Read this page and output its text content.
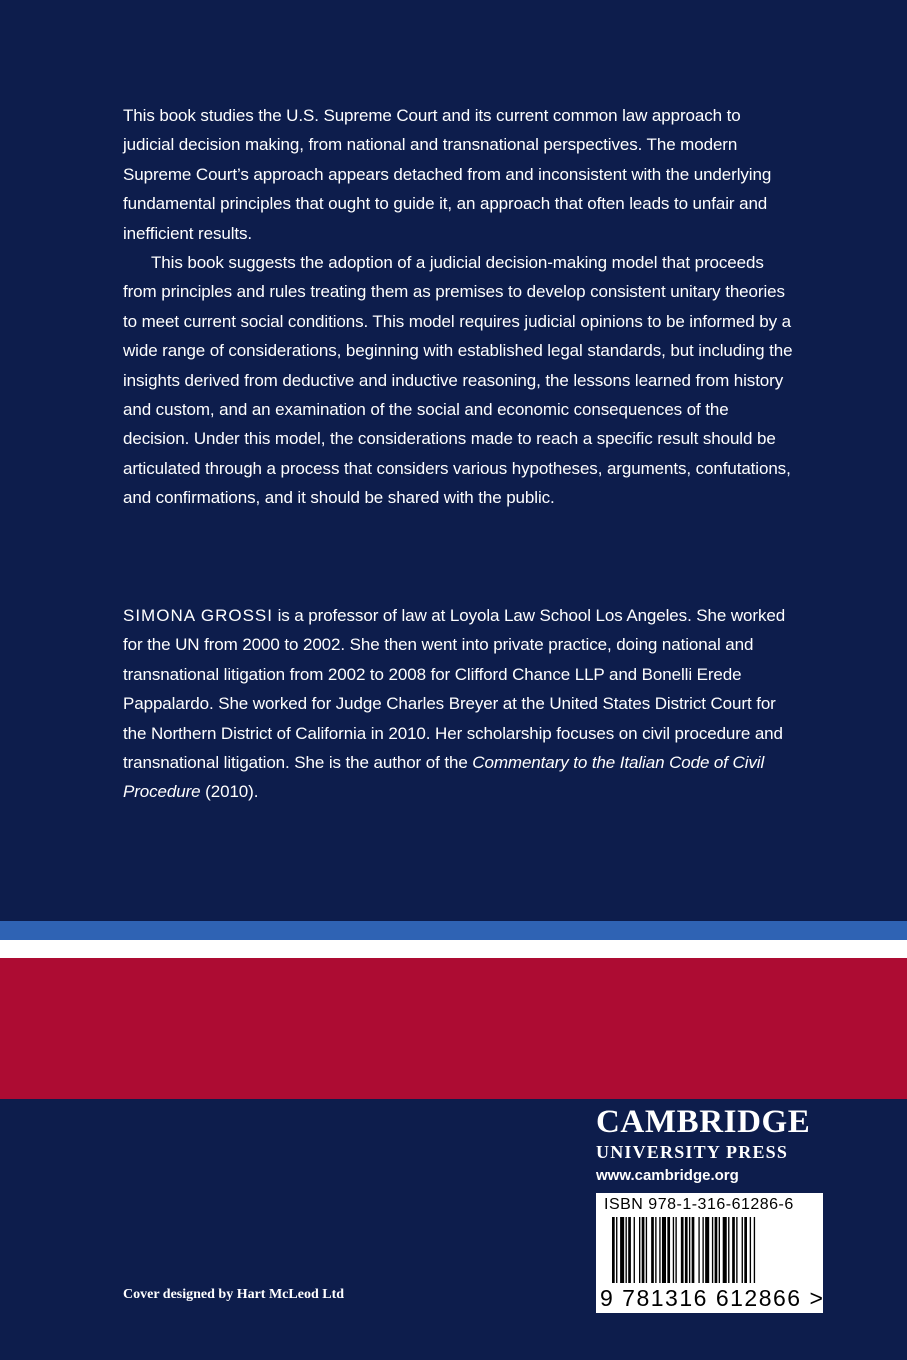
This book studies the U.S. Supreme Court and its current common law approach to judicial decision making, from national and transnational perspectives. The modern Supreme Court’s approach appears detached from and inconsistent with the underlying fundamental principles that ought to guide it, an approach that often leads to unfair and inefficient results.

This book suggests the adoption of a judicial decision-making model that proceeds from principles and rules treating them as premises to develop consistent unitary theories to meet current social conditions. This model requires judicial opinions to be informed by a wide range of considerations, beginning with established legal standards, but including the insights derived from deductive and inductive reasoning, the lessons learned from history and custom, and an examination of the social and economic consequences of the decision. Under this model, the considerations made to reach a specific result should be articulated through a process that considers various hypotheses, arguments, confutations, and confirmations, and it should be shared with the public.

SIMONA GROSSI is a professor of law at Loyola Law School Los Angeles. She worked for the UN from 2000 to 2002. She then went into private practice, doing national and transnational litigation from 2002 to 2008 for Clifford Chance LLP and Bonelli Erede Pappalardo. She worked for Judge Charles Breyer at the United States District Court for the Northern District of California in 2010. Her scholarship focuses on civil procedure and transnational litigation. She is the author of the Commentary to the Italian Code of Civil Procedure (2010).

CAMBRIDGE
UNIVERSITY PRESS
www.cambridge.org
ISBN 978-1-316-61286-6
9 781316 612866 >
Cover designed by Hart McLeod Ltd
